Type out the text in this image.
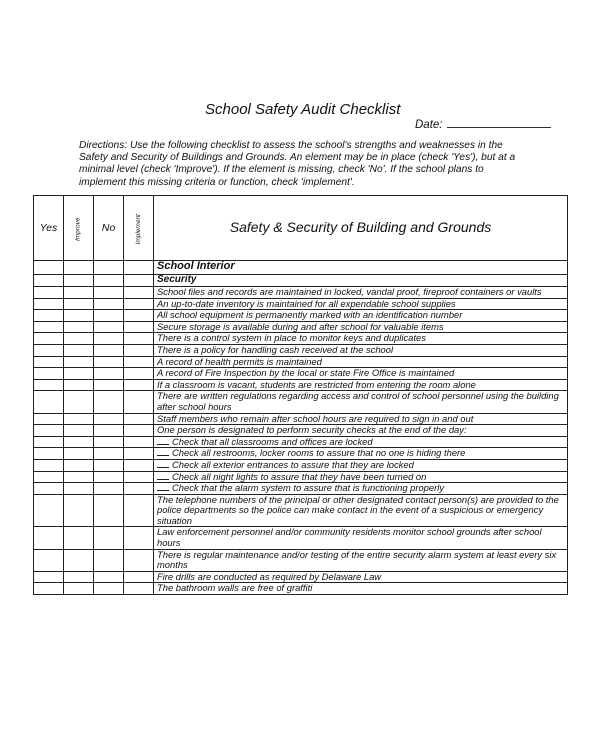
School Safety Audit Checklist
Date:
Directions: Use the following checklist to assess the school's strengths and weaknesses in the Safety and Security of Buildings and Grounds. An element may be in place (check 'Yes'), but at a minimal level (check 'Improve'). If the element is missing, check 'No'. If the school plans to implement this missing criteria or function, check 'implement'.
Yes	Improve	No	Implement	Safety & Security of Building and Grounds
				School Interior
				Security
				School files and records are maintained in locked, vandal proof, fireproof containers or vaults
				An up-to-date inventory is maintained for all expendable school supplies
				All school equipment is permanently marked with an identification number
				Secure storage is available during and after school for valuable items
				There is a control system in place to monitor keys and duplicates
				There is a policy for handling cash received at the school
				A record of health permits is maintained
				A record of Fire Inspection by the local or state Fire Office is maintained
				If a classroom is vacant, students are restricted from entering the room alone
				There are written regulations regarding access and control of school personnel using the building after school hours
				Staff members who remain after school hours are required to sign in and out
				One person is designated to perform security checks at the end of the day:
				Check that all classrooms and offices are locked
				Check all restrooms, locker rooms to assure that no one is hiding there
				Check all exterior entrances to assure that they are locked
				Check all night lights to assure that they have been turned on
				Check that the alarm system to assure that is functioning properly
				The telephone numbers of the principal or other designated contact person(s) are provided to the police departments so the police can make contact in the event of a suspicious or emergency situation
				Law enforcement personnel and/or community residents monitor school grounds after school hours
				There is regular maintenance and/or testing of the entire security alarm system at least every six months
				Fire drills are conducted as required by Delaware Law
				The bathroom walls are free of graffiti
